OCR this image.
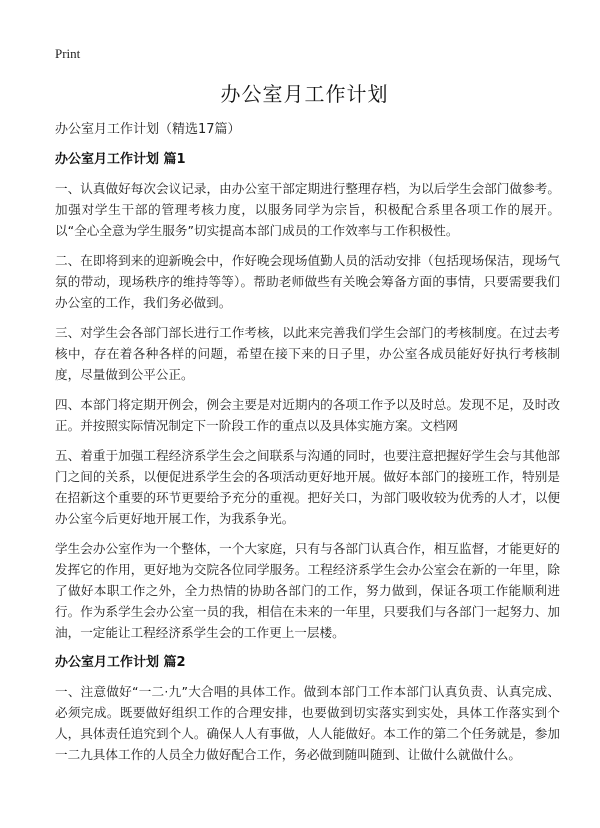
Print
办公室月工作计划

办公室月工作计划（精选17篇）

办公室月工作计划 篇1

一、认真做好每次会议记录，由办公室干部定期进行整理存档，为以后学生会部门做参考。加强对学生干部的管理考核力度，以服务同学为宗旨，积极配合系里各项工作的展开。以“全心全意为学生服务”切实提高本部门成员的工作效率与工作积极性。

二、在即将到来的迎新晚会中，作好晚会现场值勤人员的活动安排（包括现场保洁，现场气氛的带动，现场秩序的维持等等）。帮助老师做些有关晚会筹备方面的事情，只要需要我们办公室的工作，我们务必做到。

三、对学生会各部门部长进行工作考核，以此来完善我们学生会部门的考核制度。在过去考核中，存在着各种各样的问题，希望在接下来的日子里，办公室各成员能好好执行考核制度，尽量做到公平公正。

四、本部门将定期开例会，例会主要是对近期内的各项工作予以及时总。发现不足，及时改正。并按照实际情况制定下一阶段工作的重点以及具体实施方案。文档网

五、着重于加强工程经济系学生会之间联系与沟通的同时，也要注意把握好学生会与其他部门之间的关系，以便促进系学生会的各项活动更好地开展。做好本部门的接班工作，特别是在招新这个重要的环节更要给予充分的重视。把好关口，为部门吸收较为优秀的人才，以便办公室今后更好地开展工作，为我系争光。

学生会办公室作为一个整体，一个大家庭，只有与各部门认真合作，相互监督，才能更好的发挥它的作用，更好地为交院各位同学服务。工程经济系学生会办公室会在新的一年里，除了做好本职工作之外，全力热情的协助各部门的工作，努力做到，保证各项工作能顺利进行。作为系学生会办公室一员的我，相信在未来的一年里，只要我们与各部门一起努力、加油，一定能让工程经济系学生会的工作更上一层楼。

办公室月工作计划 篇2

一、注意做好“一二·九”大合唱的具体工作。做到本部门工作本部门认真负责、认真完成、必须完成。既要做好组织工作的合理安排，也要做到切实落实到实处，具体工作落实到个人，具体责任追究到个人。确保人人有事做，人人能做好。本工作的第二个任务就是，参加一二九具体工作的人员全力做好配合工作，务必做到随叫随到、让做什么就做什么。
